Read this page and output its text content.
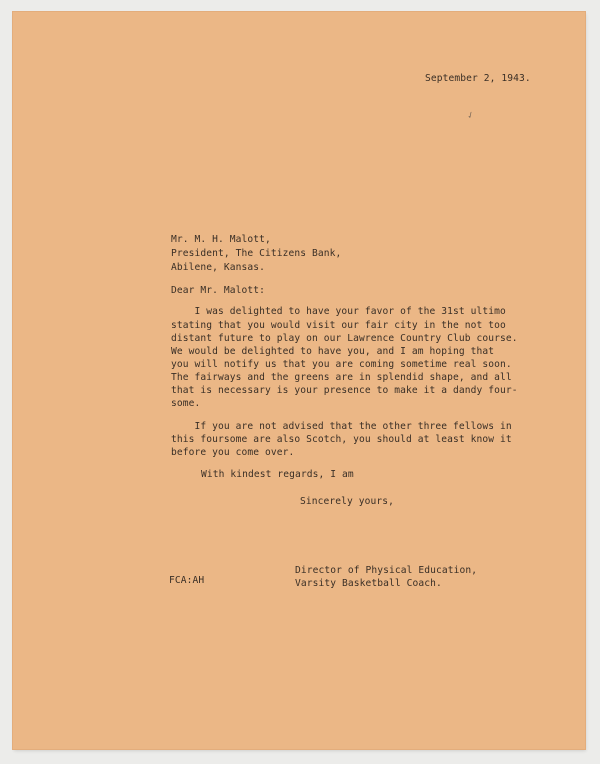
September 2, 1943.
✓
Mr. M. H. Malott,
President, The Citizens Bank,
Abilene, Kansas.
Dear Mr. Malott:
I was delighted to have your favor of the 31st ultimo
stating that you would visit our fair city in the not too
distant future to play on our Lawrence Country Club course.
We would be delighted to have you, and I am hoping that
you will notify us that you are coming sometime real soon.
The fairways and the greens are in splendid shape, and all
that is necessary is your presence to make it a dandy four-
some.
If you are not advised that the other three fellows in
this foursome are also Scotch, you should at least know it
before you come over.
With kindest regards, I am
Sincerely yours,
Director of Physical Education,
Varsity Basketball Coach.
FCA:AH
